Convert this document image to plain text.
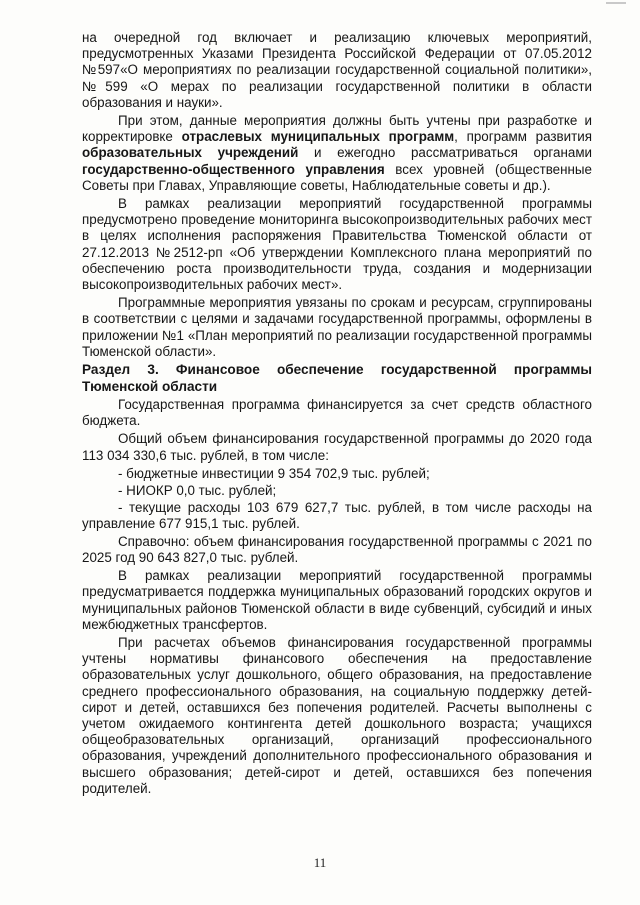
на очередной год включает и реализацию ключевых мероприятий, предусмотренных Указами Президента Российской Федерации от 07.05.2012 №597«О мероприятиях по реализации государственной социальной политики», №599 «О мерах по реализации государственной политики в области образования и науки».

При этом, данные мероприятия должны быть учтены при разработке и корректировке отраслевых муниципальных программ, программ развития образовательных учреждений и ежегодно рассматриваться органами государственно-общественного управления всех уровней (общественные Советы при Главах, Управляющие советы, Наблюдательные советы и др.).

В рамках реализации мероприятий государственной программы предусмотрено проведение мониторинга высокопроизводительных рабочих мест в целях исполнения распоряжения Правительства Тюменской области от 27.12.2013 №2512-рп «Об утверждении Комплексного плана мероприятий по обеспечению роста производительности труда, создания и модернизации высокопроизводительных рабочих мест».

Программные мероприятия увязаны по срокам и ресурсам, сгруппированы в соответствии с целями и задачами государственной программы, оформлены в приложении №1 «План мероприятий по реализации государственной программы Тюменской области».

Раздел 3. Финансовое обеспечение государственной программы Тюменской области

Государственная программа финансируется за счет средств областного бюджета.

Общий объем финансирования государственной программы до 2020 года 113 034 330,6 тыс. рублей, в том числе:

- бюджетные инвестиции 9 354 702,9 тыс. рублей;

- НИОКР 0,0 тыс. рублей;

- текущие расходы 103 679 627,7 тыс. рублей, в том числе расходы на управление 677 915,1 тыс. рублей.

Справочно: объем финансирования государственной программы с 2021 по 2025 год 90 643 827,0 тыс. рублей.

В рамках реализации мероприятий государственной программы предусматривается поддержка муниципальных образований городских округов и муниципальных районов Тюменской области в виде субвенций, субсидий и иных межбюджетных трансфертов.

При расчетах объемов финансирования государственной программы учтены нормативы финансового обеспечения на предоставление образовательных услуг дошкольного, общего образования, на предоставление среднего профессионального образования, на социальную поддержку детей-сирот и детей, оставшихся без попечения родителей. Расчеты выполнены с учетом ожидаемого контингента детей дошкольного возраста; учащихся общеобразовательных организаций, организаций профессионального образования, учреждений дополнительного профессионального образования и высшего образования; детей-сирот и детей, оставшихся без попечения родителей.

11
